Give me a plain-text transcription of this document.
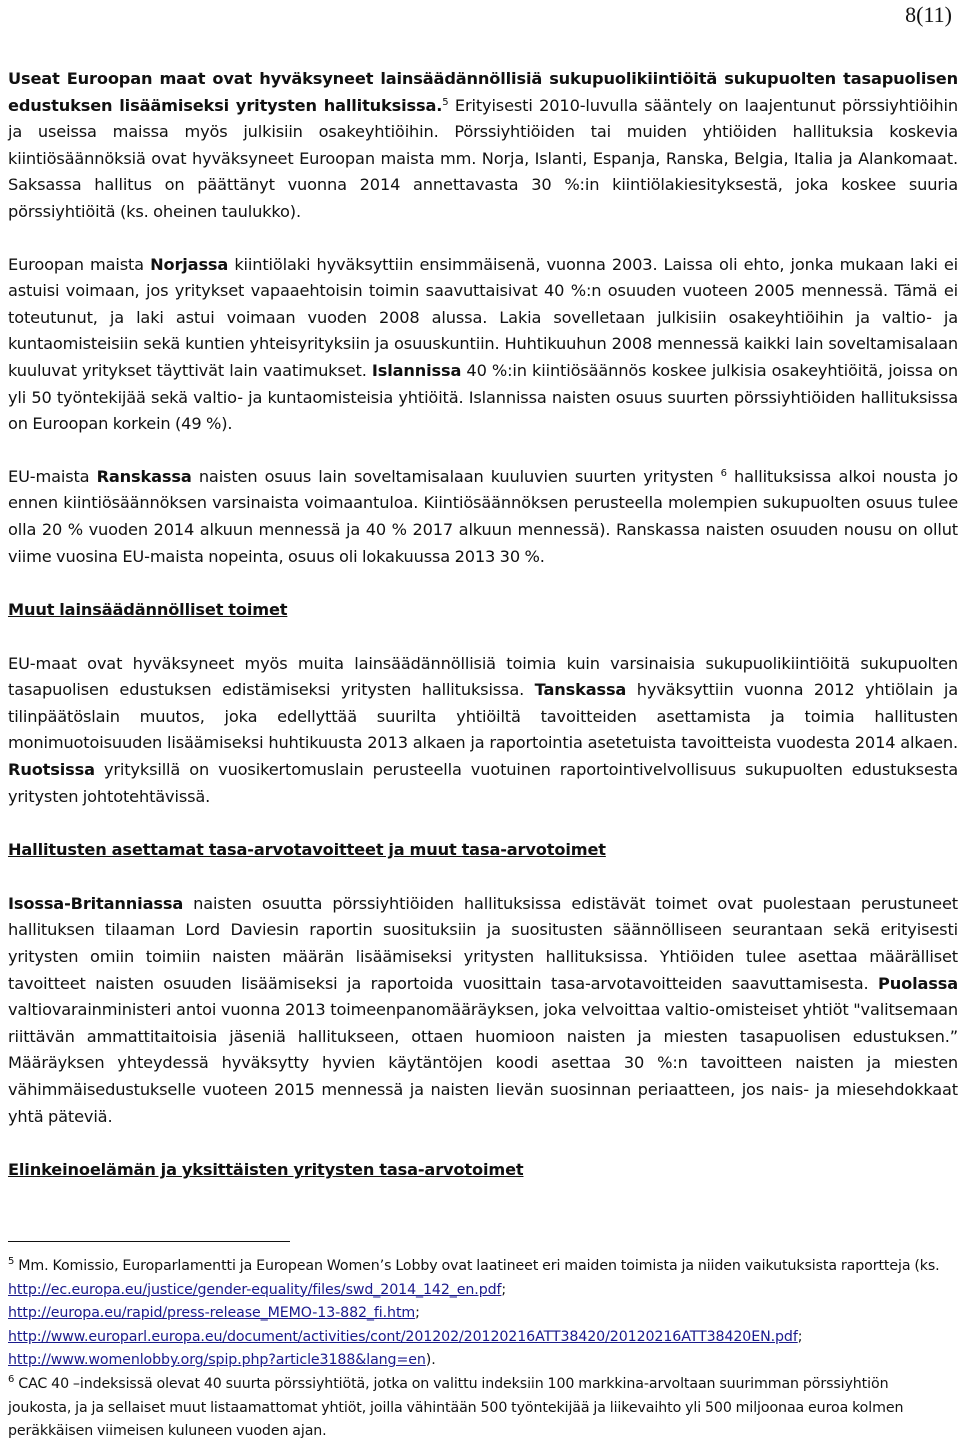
8(11)

Useat Euroopan maat ovat hyväksyneet lainsäädännöllisiä sukupuolikiintiöitä sukupuolten tasapuolisen edustuksen lisäämiseksi yritysten hallituksissa.$^5$ Erityisesti 2010-luvulla sääntely on laajentunut pörssiyhtiöihin ja useissa maissa myös julkisiin osakeyhtiöihin. Pörssiyhtiöiden tai muiden yhtiöiden hallituksia koskevia kiintiösäännöksiä ovat hyväksyneet Euroopan maista mm. Norja, Islanti, Espanja, Ranska, Belgia, Italia ja Alankomaat. Saksassa hallitus on päättänyt vuonna 2014 annettavasta 30 %:in kiintiölakiesityksestä, joka koskee suuria pörssiyhtiöitä (ks. oheinen taulukko).

Euroopan maista Norjassa kiintiölaki hyväksyttiin ensimmäisenä, vuonna 2003. Laissa oli ehto, jonka mukaan laki ei astuisi voimaan, jos yritykset vapaaehtoisin toimin saavuttaisivat 40 %:n osuuden vuoteen 2005 mennessä. Tämä ei toteutunut, ja laki astui voimaan vuoden 2008 alussa. Lakia sovelletaan julkisiin osakeyhtiöihin ja valtio- ja kuntaomisteisiin sekä kuntien yhteisyrityksiin ja osuuskuntiin. Huhtikuuhun 2008 mennessä kaikki lain soveltamisalaan kuuluvat yritykset täyttivät lain vaatimukset. Islannissa 40 %:in kiintiösäännös koskee julkisia osakeyhtiöitä, joissa on yli 50 työntekijää sekä valtio- ja kuntaomisteisia yhtiöitä. Islannissa naisten osuus suurten pörssiyhtiöiden hallituksissa on Euroopan korkein (49 %).

EU-maista Ranskassa naisten osuus lain soveltamisalaan kuuluvien suurten yritysten $^6$ hallituksissa alkoi nousta jo ennen kiintiösäännöksen varsinaista voimaantuloa. Kiintiösäännöksen perusteella molempien sukupuolten osuus tulee olla 20 % vuoden 2014 alkuun mennessä ja 40 % 2017 alkuun mennessä). Ranskassa naisten osuuden nousu on ollut viime vuosina EU-maista nopeinta, osuus oli lokakuussa 2013 30 %.

Muut lainsäädännölliset toimet

EU-maat ovat hyväksyneet myös muita lainsäädännöllisiä toimia kuin varsinaisia sukupuolikiintiöitä sukupuolten tasapuolisen edustuksen edistämiseksi yritysten hallituksissa. Tanskassa hyväksyttiin vuonna 2012 yhtiölain ja tilinpäätöslain muutos, joka edellyttää suurilta yhtiöiltä tavoitteiden asettamista ja toimia hallitusten monimuotoisuuden lisäämiseksi huhtikuusta 2013 alkaen ja raportointia asetetuista tavoitteista vuodesta 2014 alkaen. Ruotsissa yrityksillä on vuosikertomuslain perusteella vuotuinen raportointivelvollisuus sukupuolten edustuksesta yritysten johtotehtävissä.

Hallitusten asettamat tasa-arvotavoitteet ja muut tasa-arvotoimet

Isossa-Britanniassa naisten osuutta pörssiyhtiöiden hallituksissa edistävät toimet ovat puolestaan perustuneet hallituksen tilaaman Lord Daviesin raportin suosituksiin ja suositusten säännölliseen seurantaan sekä erityisesti yritysten omiin toimiin naisten määrän lisäämiseksi yritysten hallituksissa. Yhtiöiden tulee asettaa määrälliset tavoitteet naisten osuuden lisäämiseksi ja raportoida vuosittain tasa-arvotavoitteiden saavuttamisesta. Puolassa valtiovarainministeri antoi vuonna 2013 toimeenpanomääräyksen, joka velvoittaa valtio-omisteiset yhtiöt "valitsemaan riittävän ammattitaitoisia jäseniä hallitukseen, ottaen huomioon naisten ja miesten tasapuolisen edustuksen.” Määräyksen yhteydessä hyväksytty hyvien käytäntöjen koodi asettaa 30 %:n tavoitteen naisten ja miesten vähimmäisedustukselle vuoteen 2015 mennessä ja naisten lievän suosinnan periaatteen, jos nais- ja miesehdokkaat yhtä päteviä.

Elinkeinoelämän ja yksittäisten yritysten tasa-arvotoimet

$^5$ Mm. Komissio, Europarlamentti ja European Women’s Lobby ovat laatineet eri maiden toimista ja niiden vaikutuksista raportteja (ks. http://ec.europa.eu/justice/gender-equality/files/swd_2014_142_en.pdf;
http://europa.eu/rapid/press-release_MEMO-13-882_fi.htm;
http://www.europarl.europa.eu/document/activities/cont/201202/20120216ATT38420/20120216ATT38420EN.pdf;
http://www.womenlobby.org/spip.php?article3188&lang=en).

$^6$ CAC 40 –indeksissä olevat 40 suurta pörssiyhtiötä, jotka on valittu indeksiin 100 markkina-arvoltaan suurimman pörssiyhtiön joukosta, ja ja sellaiset muut listaamattomat yhtiöt, joilla vähintään 500 työntekijää ja liikevaihto yli 500 miljoonaa euroa kolmen peräkkäisen viimeisen kuluneen vuoden ajan.
